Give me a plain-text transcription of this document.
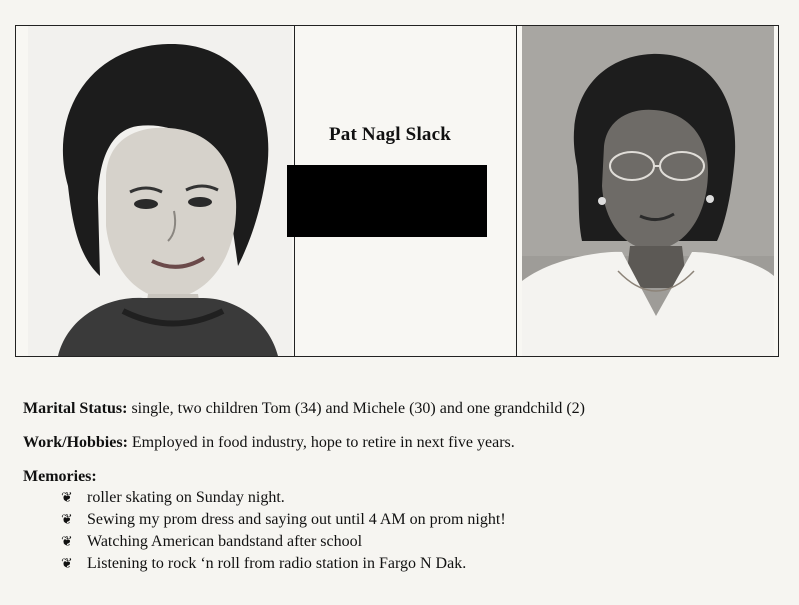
Pat Nagl Slack
Marital Status: single, two children Tom (34) and Michele (30) and one grandchild (2)
Work/Hobbies: Employed in food industry, hope to retire in next five years.
Memories:
❦ roller skating on Sunday night.
❦ Sewing my prom dress and saying out until 4 AM on prom night!
❦ Watching American bandstand after school
❦ Listening to rock ‘n roll from radio station in Fargo N Dak.
